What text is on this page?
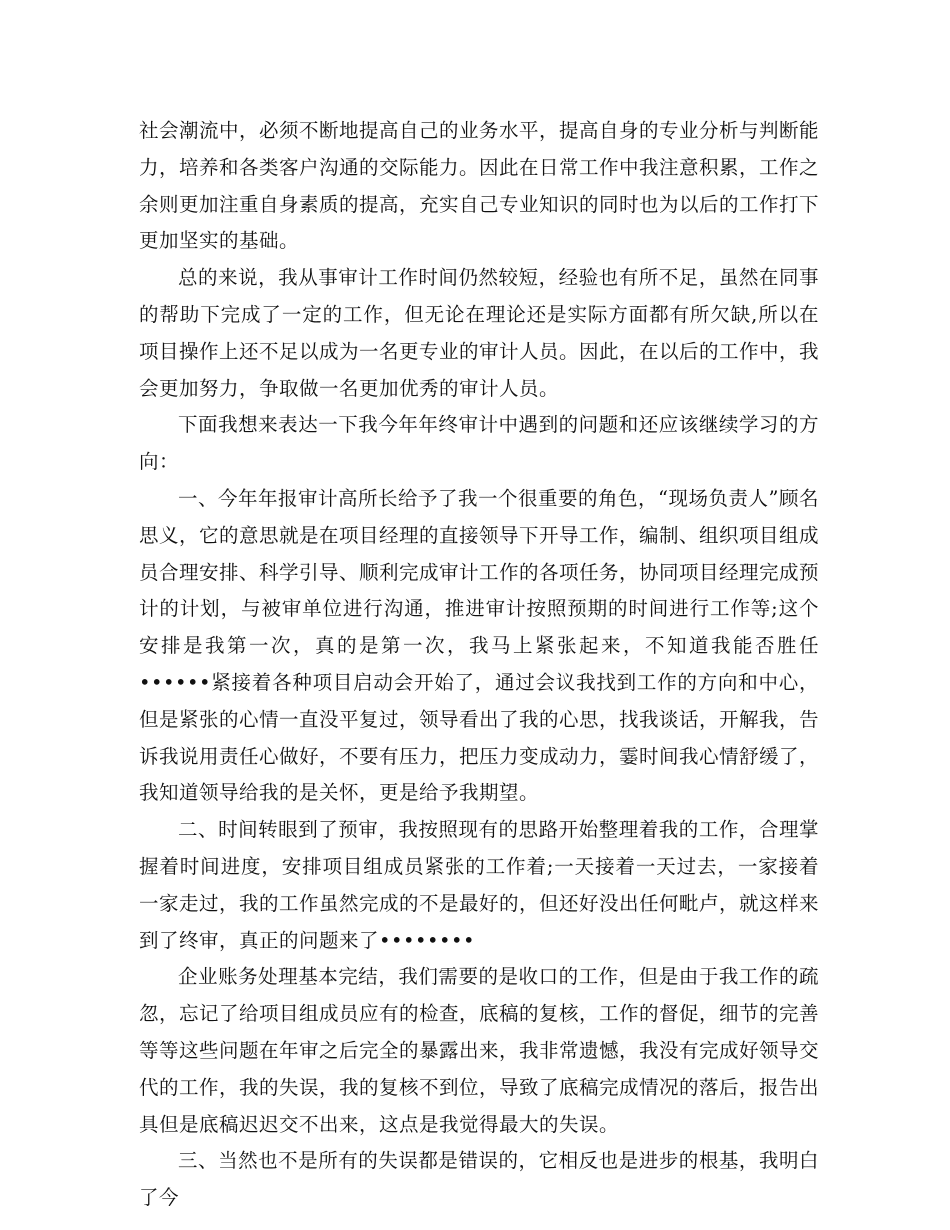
社会潮流中，必须不断地提高自己的业务水平，提高自身的专业分析与判断能力，培养和各类客户沟通的交际能力。因此在日常工作中我注意积累，工作之余则更加注重自身素质的提高，充实自己专业知识的同时也为以后的工作打下更加坚实的基础。

总的来说，我从事审计工作时间仍然较短，经验也有所不足，虽然在同事的帮助下完成了一定的工作，但无论在理论还是实际方面都有所欠缺,所以在项目操作上还不足以成为一名更专业的审计人员。因此，在以后的工作中，我会更加努力，争取做一名更加优秀的审计人员。

下面我想来表达一下我今年年终审计中遇到的问题和还应该继续学习的方向：

一、今年年报审计高所长给予了我一个很重要的角色，“现场负责人”顾名思义，它的意思就是在项目经理的直接领导下开导工作，编制、组织项目组成员合理安排、科学引导、顺利完成审计工作的各项任务，协同项目经理完成预计的计划，与被审单位进行沟通，推进审计按照预期的时间进行工作等;这个安排是我第一次，真的是第一次，我马上紧张起来，不知道我能否胜任••••••紧接着各种项目启动会开始了，通过会议我找到工作的方向和中心，但是紧张的心情一直没平复过，领导看出了我的心思，找我谈话，开解我，告诉我说用责任心做好，不要有压力，把压力变成动力，霎时间我心情舒缓了，我知道领导给我的是关怀，更是给予我期望。

二、时间转眼到了预审，我按照现有的思路开始整理着我的工作，合理掌握着时间进度，安排项目组成员紧张的工作着;一天接着一天过去，一家接着一家走过，我的工作虽然完成的不是最好的，但还好没出任何毗卢，就这样来到了终审，真正的问题来了••••••••

企业账务处理基本完结，我们需要的是收口的工作，但是由于我工作的疏忽，忘记了给项目组成员应有的检查，底稿的复核，工作的督促，细节的完善等等这些问题在年审之后完全的暴露出来，我非常遗憾，我没有完成好领导交代的工作，我的失误，我的复核不到位，导致了底稿完成情况的落后，报告出具但是底稿迟迟交不出来，这点是我觉得最大的失误。

三、当然也不是所有的失误都是错误的，它相反也是进步的根基，我明白了今
